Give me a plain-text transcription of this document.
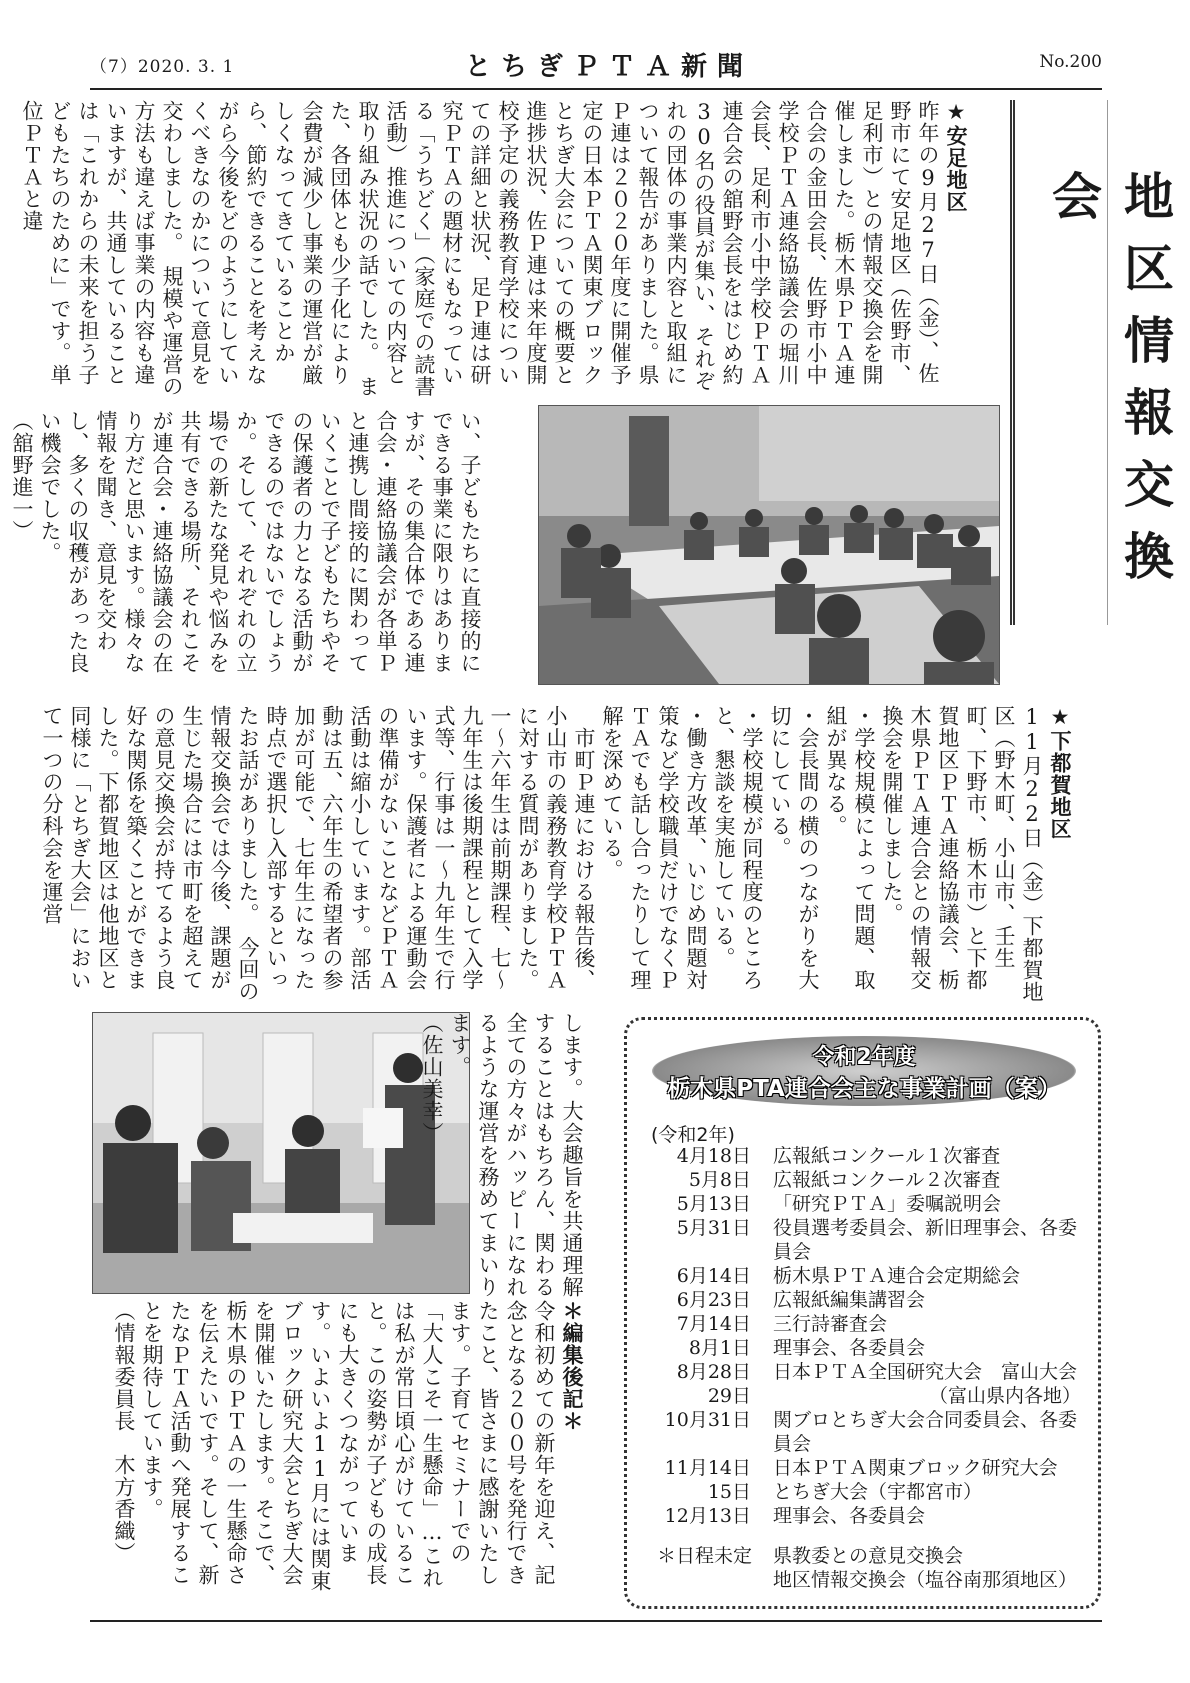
（7）2020. 3. 1	とちぎＰＴＡ新聞	No.200
地区情報交換会

★安足地区
昨年の9月27日（金）、佐野市にて安足地区（佐野市、足利市）との情報交換会を開催しました。栃木県ＰＴＡ連合会の金田会長、佐野市小中学校ＰＴＡ連絡協議会の堀川会長、足利市小中学校ＰＴＡ連合会の舘野会長をはじめ約30名の役員が集い、それぞれの団体の事業内容と取組について報告がありました。県Ｐ連は２０２０年度に開催予定の日本ＰＴＡ関東ブロックとちぎ大会についての概要と進捗状況、佐Ｐ連は来年度開校予定の義務教育学校についての詳細と状況、足Ｐ連は研究ＰＴＡの題材にもなっている「うちどく」（家庭での読書活動）推進についての内容と取り組み状況の話でした。　また、各団体とも少子化により会費が減少し事業の運営が厳しくなってきていることから、節約できることを考えながら今後をどのようにしていくべきなのかについて意見を交わしました。　規模や運営の方法も違えば事業の内容も違いますが、共通していることは「これからの未来を担う子どもたちのために」です。単位ＰＴＡと違

い、子どもたちに直接的にできる事業に限りはありますが、その集合体である連合会・連絡協議会が各単Ｐと連携し間接的に関わっていくことで子どもたちやその保護者の力となる活動ができるのではないでしょうか。そして、それぞれの立場での新たな発見や悩みを共有できる場所、それこそが連合会・連絡協議会の在り方だと思います。様々な情報を聞き、意見を交わし、多くの収穫があった良い機会でした。

（舘野進一）

★下都賀地区
11月22日（金）下都賀地区（野木町、小山市、壬生町、下野市、栃木市）と下都賀地区ＰＴＡ連絡協議会、栃木県ＰＴＡ連合会との情報交換会を開催しました。
・学校規模によって問題、取組が異なる。
・会長間の横のつながりを大切にしている。
・学校規模が同程度のところと、懇談を実施している。
・働き方改革、いじめ問題対策など学校職員だけでなくＰＴＡでも話し合ったりして理解を深めている。
　市町Ｐ連における報告後、小山市の義務教育学校ＰＴＡに対する質問がありました。一～六年生は前期課程、七～九年生は後期課程として入学式等、行事は一～九年生で行います。保護者による運動会の準備がないことなどＰＴＡ活動は縮小しています。部活動は五、六年生の希望者の参加が可能で、七年生になった時点で選択し入部するといったお話がありました。　今回の情報交換会では今後、課題が生じた場合には市町を超えての意見交換会が持てるよう良好な関係を築くことができました。下都賀地区は他地区と同様に「とちぎ大会」において一つの分科会を運営

します。大会趣旨を共通理解することはもちろん、関わる全ての方々がハッピーになれるような運営を務めてまいります。

（佐山美幸）

＊編集後記＊
令和初めての新年を迎え、記念となる２００号を発行できたこと、皆さまに感謝いたします。子育てセミナーでの「大人こそ一生懸命」…これは私が常日頃心がけていること。この姿勢が子どもの成長にも大きくつながっています。いよいよ11月には関東ブロック研究大会とちぎ大会を開催いたします。そこで、栃木県のＰＴＡの一生懸命さを伝えたいです。そして、新たなＰＴＡ活動へ発展することを期待しています。

（情報委員長　木方香織）

令和2年度
栃木県PTA連合会主な事業計画（案）
(令和2年)
4月18日	広報紙コンクール１次審査
5月8日	広報紙コンクール２次審査
5月13日	「研究ＰＴＡ」委嘱説明会
5月31日	役員選考委員会、新旧理事会、各委員会
6月14日	栃木県ＰＴＡ連合会定期総会
6月23日	広報紙編集講習会
7月14日	三行詩審査会
8月1日	理事会、各委員会
8月28日	日本ＰＴＡ全国研究大会　富山大会
29日	（富山県内各地）
10月31日	関ブロとちぎ大会合同委員会、各委員会
11月14日	日本ＰＴＡ関東ブロック研究大会
15日	とちぎ大会（宇都宮市）
12月13日	理事会、各委員会
＊日程未定	県教委との意見交換会
地区情報交換会（塩谷南那須地区）
